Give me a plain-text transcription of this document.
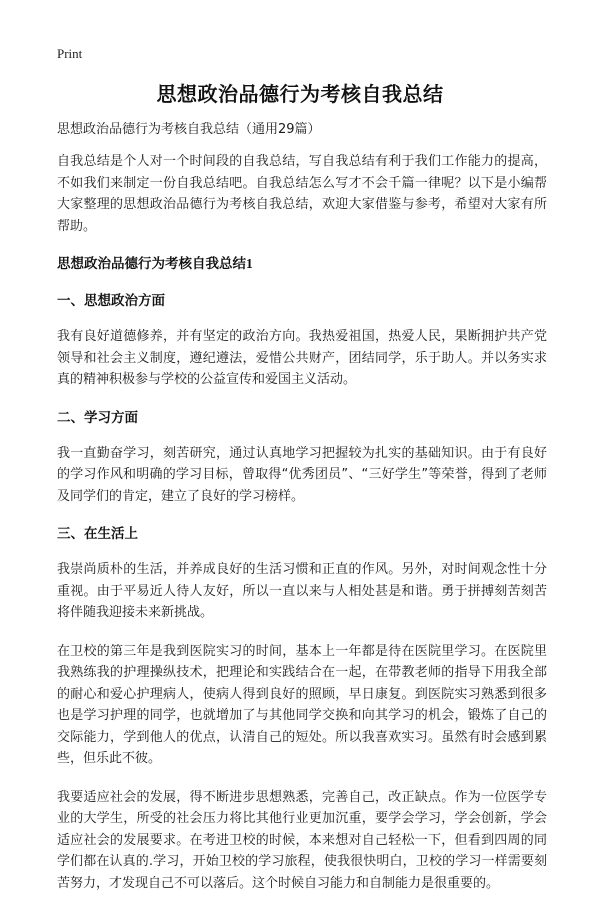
Print
思想政治品德行为考核自我总结

思想政治品德行为考核自我总结（通用29篇）

自我总结是个人对一个时间段的自我总结，写自我总结有利于我们工作能力的提高，不如我们来制定一份自我总结吧。自我总结怎么写才不会千篇一律呢？以下是小编帮大家整理的思想政治品德行为考核自我总结，欢迎大家借鉴与参考，希望对大家有所帮助。

思想政治品德行为考核自我总结1
一、思想政治方面

我有良好道德修养，并有坚定的政治方向。我热爱祖国，热爱人民，果断拥护共产党领导和社会主义制度，遵纪遵法，爱惜公共财产，团结同学，乐于助人。并以务实求真的精神积极参与学校的公益宣传和爱国主义活动。

二、学习方面

我一直勤奋学习，刻苦研究，通过认真地学习把握较为扎实的基础知识。由于有良好的学习作风和明确的学习目标，曾取得“优秀团员”、“三好学生”等荣誉，得到了老师及同学们的肯定，建立了良好的学习榜样。

三、在生活上

我崇尚质朴的生活，并养成良好的生活习惯和正直的作风。另外，对时间观念性十分重视。由于平易近人待人友好，所以一直以来与人相处甚是和谐。勇于拼搏刻苦刻苦将伴随我迎接未来新挑战。

在卫校的第三年是我到医院实习的时间，基本上一年都是待在医院里学习。在医院里我熟练我的护理操纵技术，把理论和实践结合在一起，在带教老师的指导下用我全部的耐心和爱心护理病人，使病人得到良好的照顾，早日康复。到医院实习熟悉到很多也是学习护理的同学，也就增加了与其他同学交换和向其学习的机会，锻炼了自己的交际能力，学到他人的优点，认清自己的短处。所以我喜欢实习。虽然有时会感到累些，但乐此不彼。

我要适应社会的发展，得不断进步思想熟悉，完善自己，改正缺点。作为一位医学专业的大学生，所受的社会压力将比其他行业更加沉重，要学会学习，学会创新，学会适应社会的发展要求。在考进卫校的时候，本来想对自己轻松一下，但看到四周的同学们都在认真的.学习，开始卫校的学习旅程，使我很快明白，卫校的学习一样需要刻苦努力，才发现自己不可以落后。这个时候自习能力和自制能力是很重要的。
